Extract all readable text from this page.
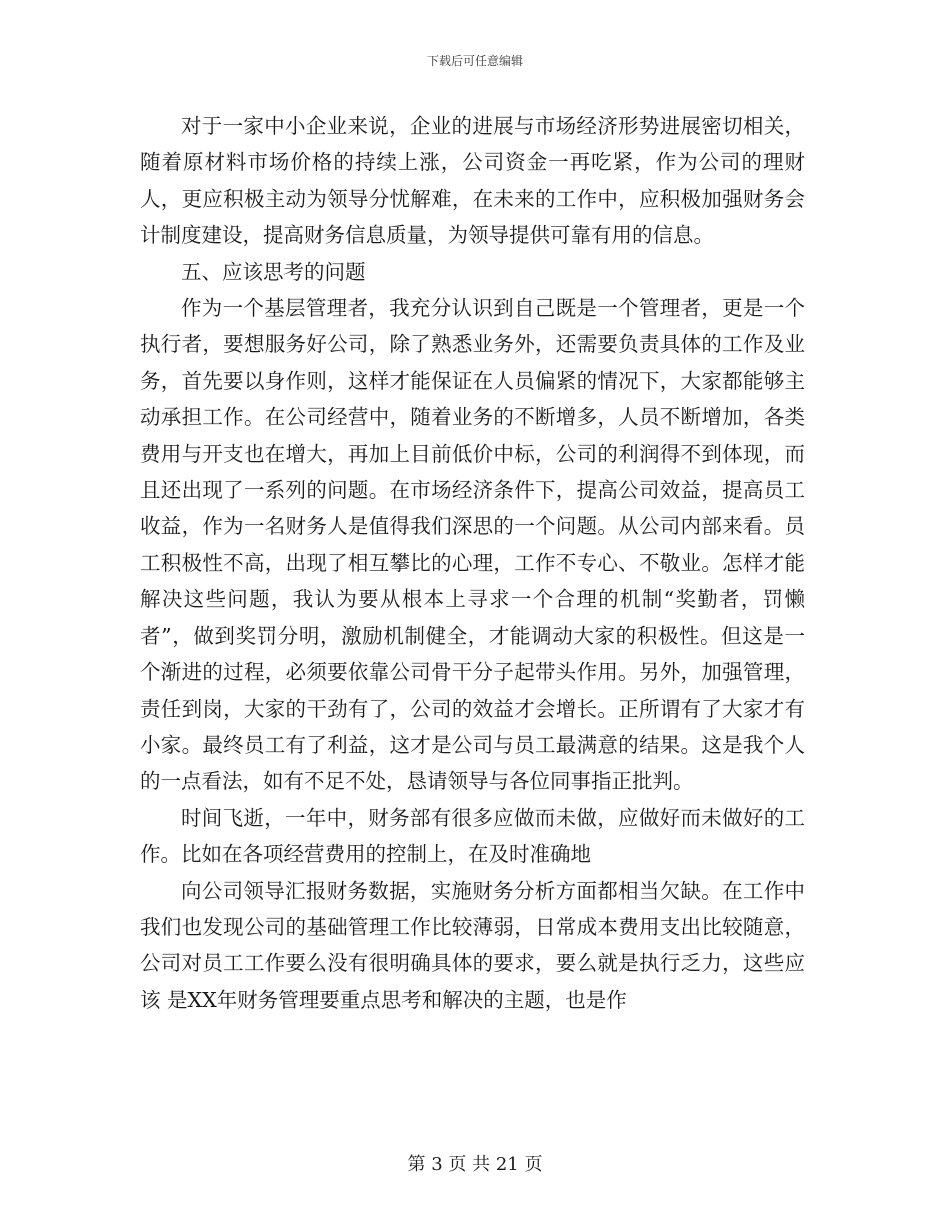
下载后可任意编辑

对于一家中小企业来说，企业的进展与市场经济形势进展密切相关，随着原材料市场价格的持续上涨，公司资金一再吃紧，作为公司的理财人，更应积极主动为领导分忧解难，在未来的工作中，应积极加强财务会计制度建设，提高财务信息质量，为领导提供可靠有用的信息。

五、应该思考的问题

作为一个基层管理者，我充分认识到自己既是一个管理者，更是一个执行者，要想服务好公司，除了熟悉业务外，还需要负责具体的工作及业务，首先要以身作则，这样才能保证在人员偏紧的情况下，大家都能够主动承担工作。在公司经营中，随着业务的不断增多，人员不断增加，各类费用与开支也在增大，再加上目前低价中标，公司的利润得不到体现，而且还出现了一系列的问题。在市场经济条件下，提高公司效益，提高员工收益，作为一名财务人是值得我们深思的一个问题。从公司内部来看。员工积极性不高，出现了相互攀比的心理，工作不专心、不敬业。怎样才能解决这些问题，我认为要从根本上寻求一个合理的机制“奖勤者，罚懒者”，做到奖罚分明，激励机制健全，才能调动大家的积极性。但这是一个渐进的过程，必须要依靠公司骨干分子起带头作用。另外，加强管理，责任到岗，大家的干劲有了，公司的效益才会增长。正所谓有了大家才有小家。最终员工有了利益，这才是公司与员工最满意的结果。这是我个人的一点看法，如有不足不处，恳请领导与各位同事指正批判。

时间飞逝，一年中，财务部有很多应做而未做，应做好而未做好的工作。比如在各项经营费用的控制上，在及时准确地

向公司领导汇报财务数据，实施财务分析方面都相当欠缺。在工作中我们也发现公司的基础管理工作比较薄弱，日常成本费用支出比较随意，公司对员工工作要么没有很明确具体的要求，要么就是执行乏力，这些应该 是XX年财务管理要重点思考和解决的主题，也是作

第 3 页 共 21 页
